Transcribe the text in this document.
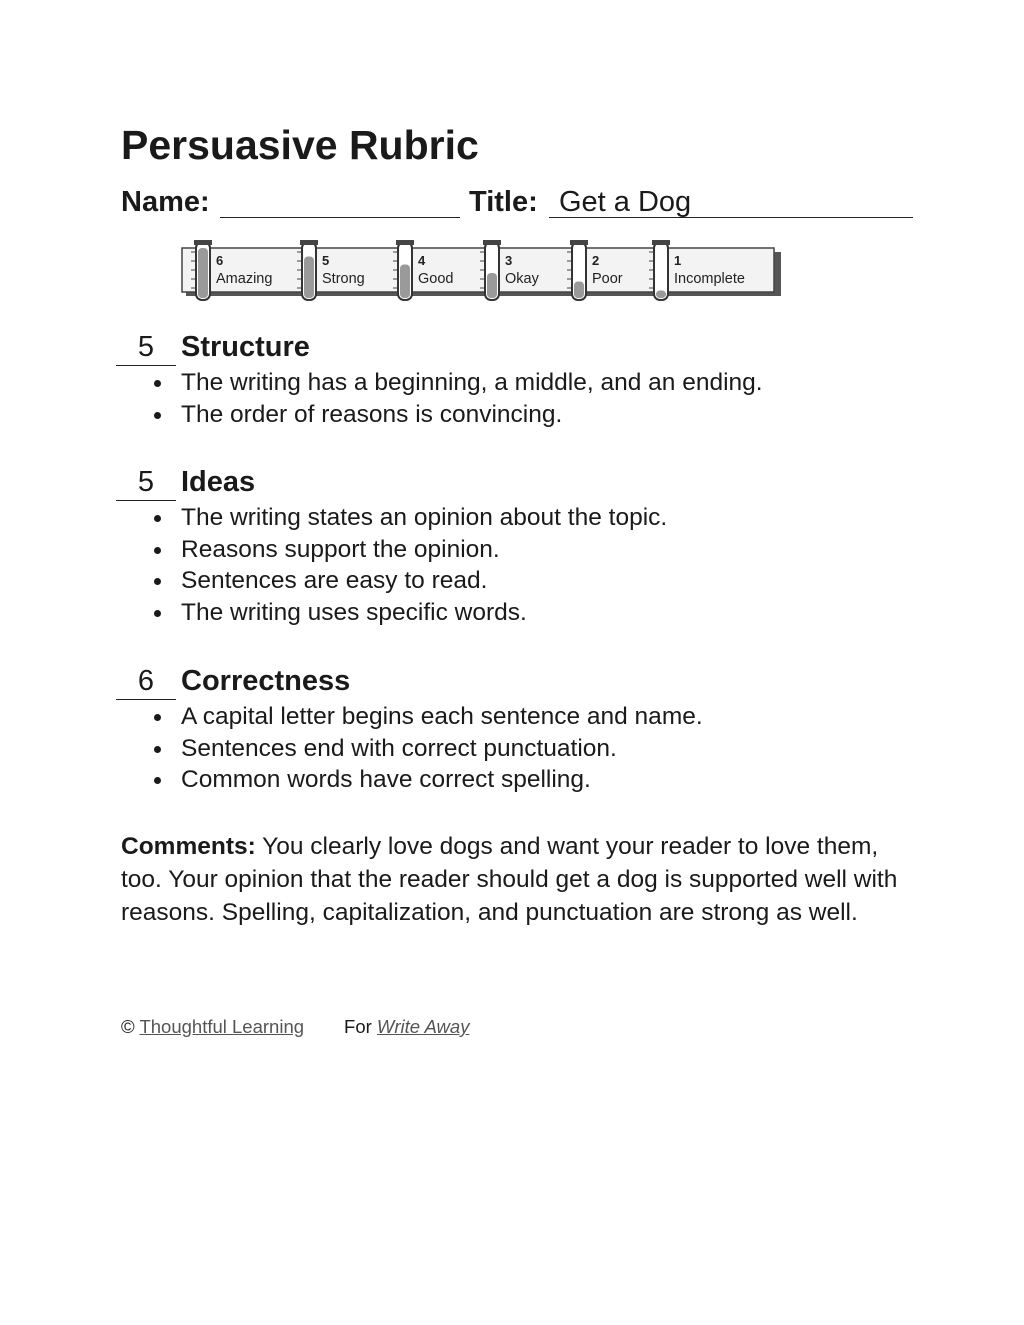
Persuasive Rubric
Name:	Title: Get a Dog
6
Amazing
5
Strong
4
Good
3
Okay
2
Poor
1
Incomplete
5 Structure
The writing has a beginning, a middle, and an ending.
The order of reasons is convincing.
5 Ideas
The writing states an opinion about the topic.
Reasons support the opinion.
Sentences are easy to read.
The writing uses specific words.
6 Correctness
A capital letter begins each sentence and name.
Sentences end with correct punctuation.
Common words have correct spelling.

Comments: You clearly love dogs and want your reader to love them, too. Your opinion that the reader should get a dog is supported well with reasons. Spelling, capitalization, and punctuation are strong as well.

© Thoughtful Learning For Write Away
